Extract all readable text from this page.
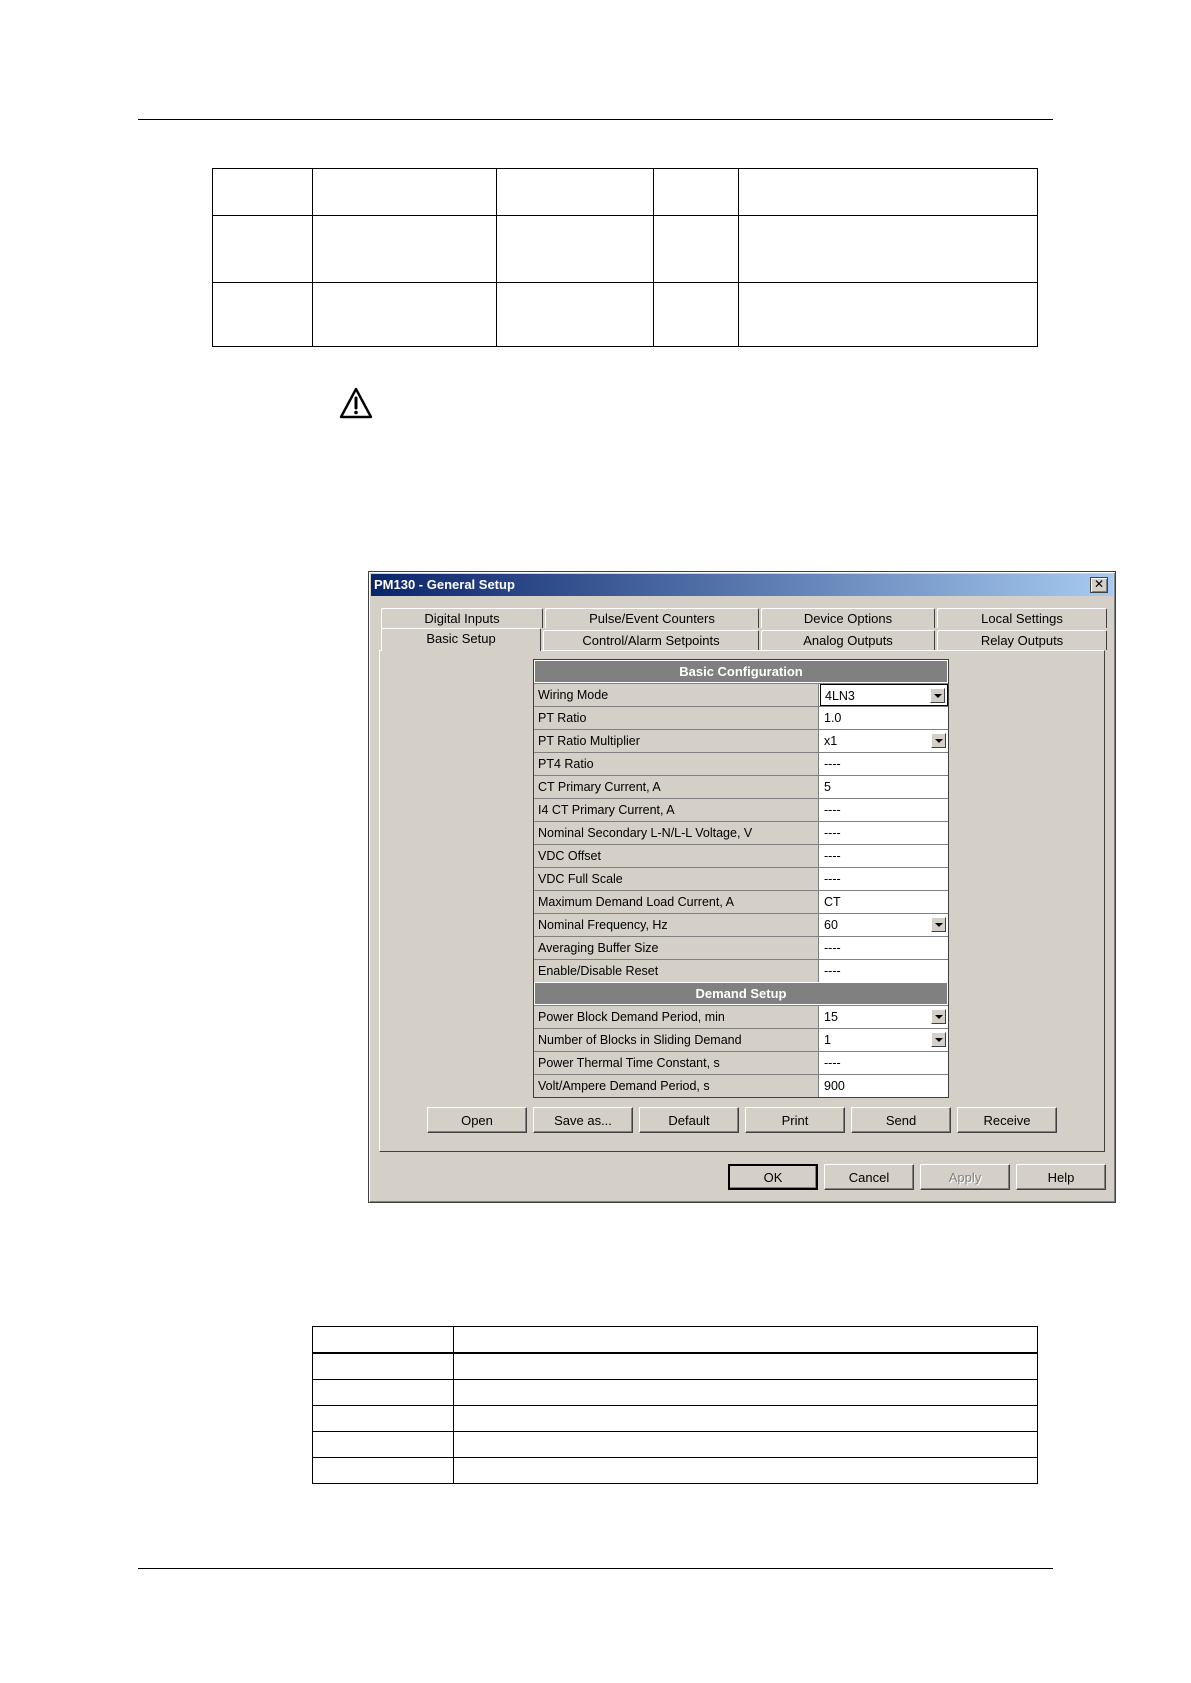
PM130 - General Setup	✕
Digital Inputs	Pulse/Event Counters	Device Options	Local Settings
Basic Setup	Control/Alarm Setpoints	Analog Outputs	Relay Outputs
Basic Configuration
Wiring Mode	4LN3
PT Ratio	1.0
PT Ratio Multiplier	x1
PT4 Ratio	----
CT Primary Current, A	5
I4 CT Primary Current, A	----
Nominal Secondary L-N/L-L Voltage, V	----
VDC Offset	----
VDC Full Scale	----
Maximum Demand Load Current, A	CT
Nominal Frequency, Hz	60
Averaging Buffer Size	----
Enable/Disable Reset	----
Demand Setup
Power Block Demand Period, min	15
Number of Blocks in Sliding Demand	1
Power Thermal Time Constant, s	----
Volt/Ampere Demand Period, s	900
Open	Save as...	Default	Print	Send	Receive
OK	Cancel	Apply	Help
